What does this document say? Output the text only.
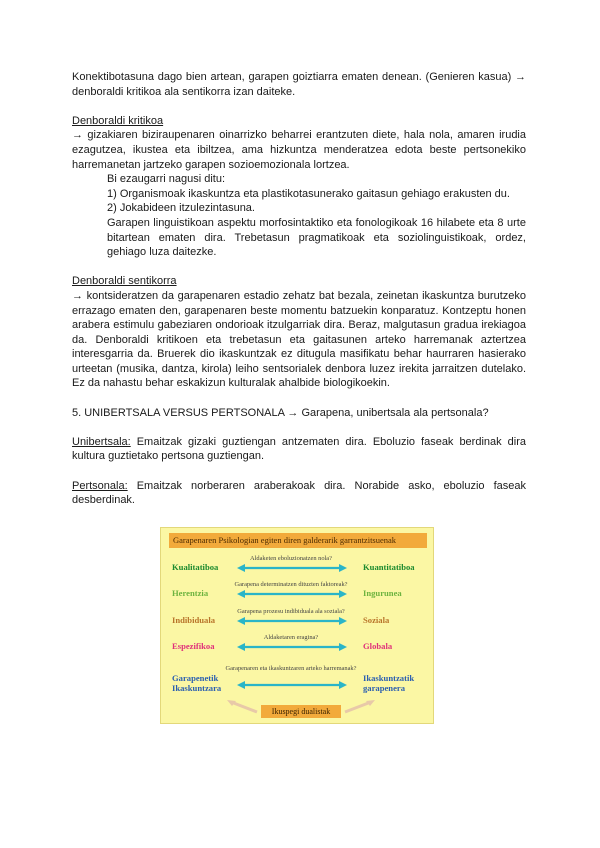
Konektibotasuna dago bien artean, garapen goiztiarra ematen denean. (Genieren kasua) → denboraldi kritikoa ala sentikorra izan daiteke.

Denboraldi kritikoa

→ gizakiaren biziraupenaren oinarrizko beharrei erantzuten diete, hala nola, amaren irudia ezagutzea, ikustea eta ibiltzea, ama hizkuntza menderatzea edota beste pertsonekiko harremanetan jartzeko garapen sozioemozionala lortzea.

Bi ezaugarri nagusi ditu:

1) Organismoak ikaskuntza eta plastikotasunerako gaitasun gehiago erakusten du.

2) Jokabideen itzulezintasuna.

Garapen linguistikoan aspektu morfosintaktiko eta fonologikoak 16 hilabete eta 8 urte bitartean ematen dira. Trebetasun pragmatikoak eta soziolinguistikoak, ordez, gehiago luza daitezke.

Denboraldi sentikorra

→ kontsideratzen da garapenaren estadio zehatz bat bezala, zeinetan ikaskuntza burutzeko errazago ematen den, garapenaren beste momentu batzuekin konparatuz. Kontzeptu honen arabera estimulu gabeziaren ondorioak itzulgarriak dira. Beraz, malgutasun gradua irekiagoa da. Denboraldi kritikoen eta trebetasun eta gaitasunen arteko harremanak aztertzea interesgarria da. Bruerek dio ikaskuntzak ez ditugula masifikatu behar haurraren hasierako urteetan (musika, dantza, kirola) leiho sentsorialek denbora luzez irekita jarraitzen dutelako. Ez da nahastu behar eskakizun kulturalak ahalbide biologikoekin.

5. UNIBERTSALA VERSUS PERTSONALA → Garapena, unibertsala ala pertsonala?

Unibertsala: Emaitzak gizaki guztiengan antzematen dira. Eboluzio faseak berdinak dira kultura guztietako pertsona guztiengan.

Pertsonala: Emaitzak norberaren araberakoak dira. Norabide asko, eboluzio faseak desberdinak.

Garapenaren Psikologian egiten diren galderarik garrantzitsuenak
Aldaketen eboluzionatzen nola?
Kualitatiboa	Kuantitatiboa
Garapena determinatzen dituzten faktoreak?
Herentzia	Ingurunea
Garapena prozesu indibiduala ala soziala?
Indibiduala	Soziala
Aldaketaren eragina?
Espezifikoa	Globala
Garapenaren eta ikaskuntzaren arteko harremanak?
Garapenetik Ikaskuntzara
Ikaskuntzatik garapenera
Ikuspegi dualistak
